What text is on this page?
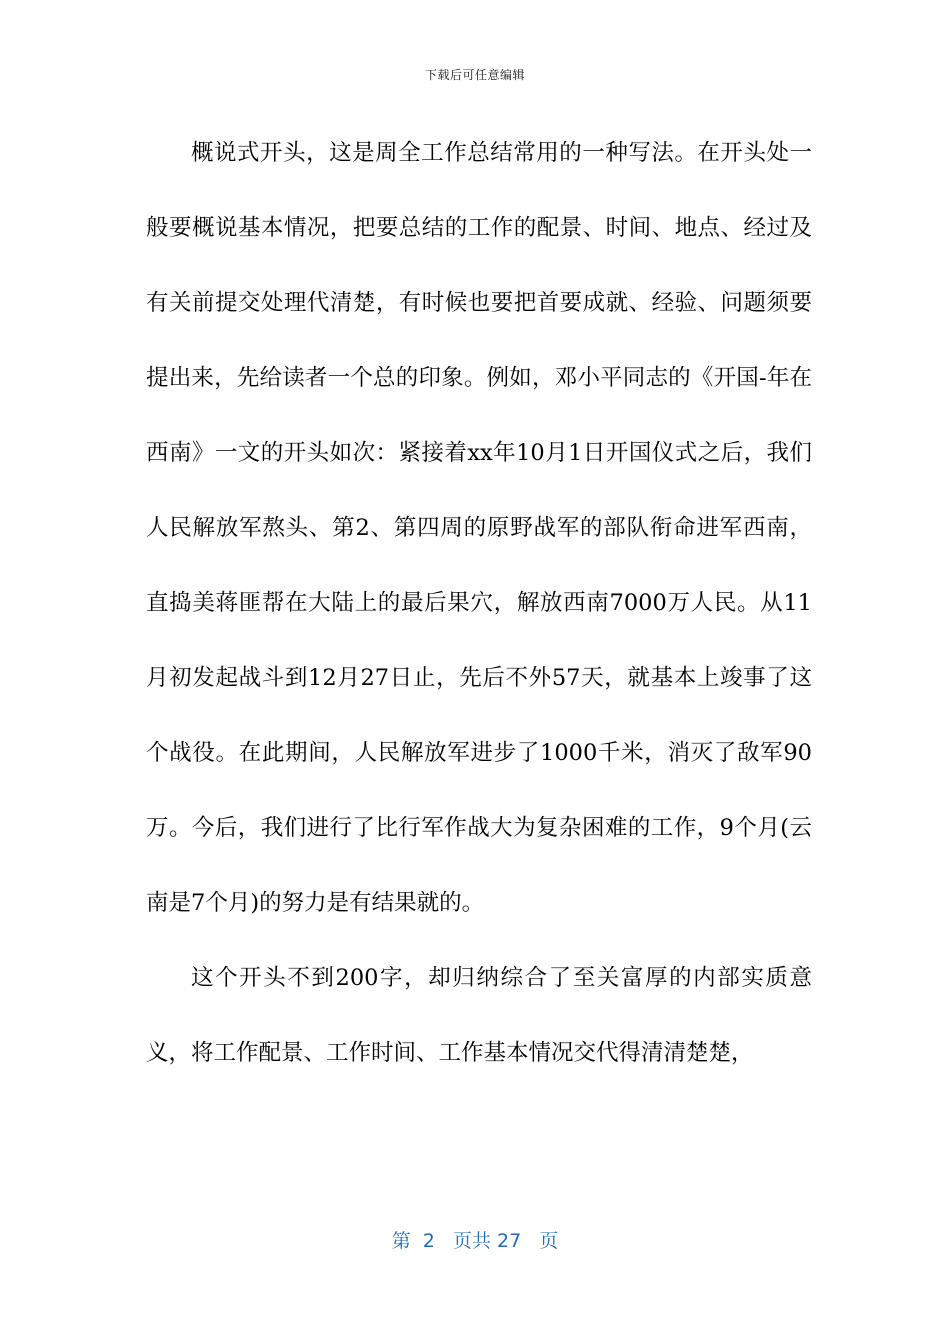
下载后可任意编辑

概说式开头，这是周全工作总结常用的一种写法。在开头处一般要概说基本情况，把要总结的工作的配景、时间、地点、经过及有关前提交处理代清楚，有时候也要把首要成就、经验、问题须要提出来，先给读者一个总的印象。例如，邓小平同志的《开国-年在西南》一文的开头如次：紧接着xx年10月1日开国仪式之后，我们人民解放军熬头、第2、第四周的原野战军的部队衔命进军西南，直捣美蒋匪帮在大陆上的最后果穴，解放西南7000万人民。从11月初发起战斗到12月27日止，先后不外57天，就基本上竣事了这个战役。在此期间，人民解放军进步了1000千米，消灭了敌军90万。今后，我们进行了比行军作战大为复杂困难的工作，9个月(云南是7个月)的努力是有结果就的。

这个开头不到200字，却归纳综合了至关富厚的内部实质意义，将工作配景、工作时间、工作基本情况交代得清清楚楚，

第  2   页共 27   页
